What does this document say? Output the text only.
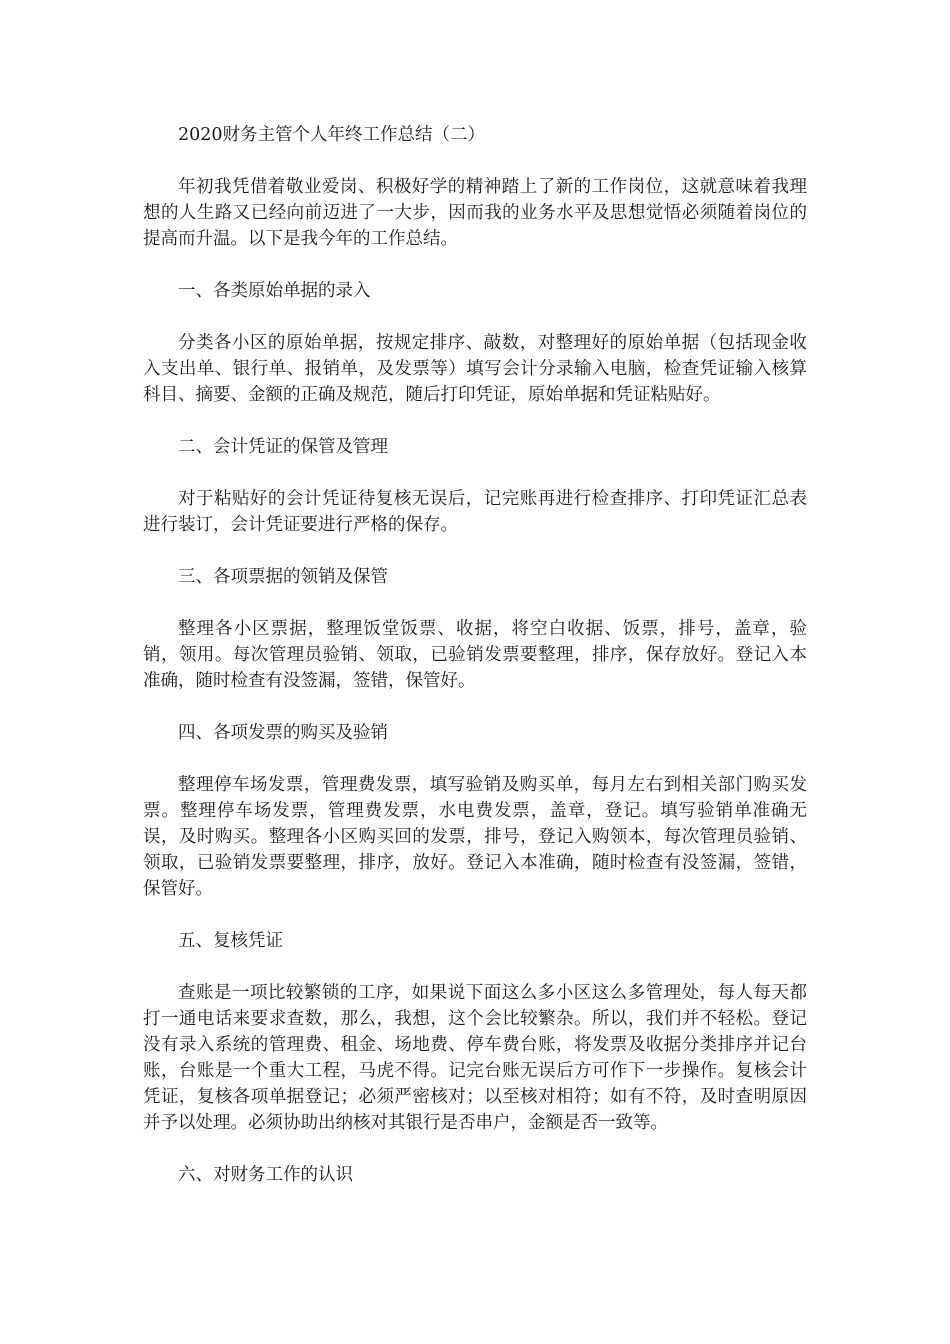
2020财务主管个人年终工作总结（二）

年初我凭借着敬业爱岗、积极好学的精神踏上了新的工作岗位，这就意味着我理想的人生路又已经向前迈进了一大步，因而我的业务水平及思想觉悟必须随着岗位的提高而升温。以下是我今年的工作总结。

一、各类原始单据的录入

分类各小区的原始单据，按规定排序、敲数，对整理好的原始单据（包括现金收入支出单、银行单、报销单，及发票等）填写会计分录输入电脑，检查凭证输入核算科目、摘要、金额的正确及规范，随后打印凭证，原始单据和凭证粘贴好。

二、会计凭证的保管及管理

对于粘贴好的会计凭证待复核无误后，记完账再进行检查排序、打印凭证汇总表进行装订，会计凭证要进行严格的保存。

三、各项票据的领销及保管

整理各小区票据，整理饭堂饭票、收据，将空白收据、饭票，排号，盖章，验销，领用。每次管理员验销、领取，已验销发票要整理，排序，保存放好。登记入本准确，随时检查有没签漏，签错，保管好。

四、各项发票的购买及验销

整理停车场发票，管理费发票，填写验销及购买单，每月左右到相关部门购买发票。整理停车场发票，管理费发票，水电费发票，盖章，登记。填写验销单准确无误，及时购买。整理各小区购买回的发票，排号，登记入购领本，每次管理员验销、领取，已验销发票要整理，排序，放好。登记入本准确，随时检查有没签漏，签错，保管好。

五、复核凭证

查账是一项比较繁锁的工序，如果说下面这么多小区这么多管理处，每人每天都打一通电话来要求查数，那么，我想，这个会比较繁杂。所以，我们并不轻松。登记没有录入系统的管理费、租金、场地费、停车费台账，将发票及收据分类排序并记台账，台账是一个重大工程，马虎不得。记完台账无误后方可作下一步操作。复核会计凭证，复核各项单据登记；必须严密核对；以至核对相符；如有不符，及时查明原因并予以处理。必须协助出纳核对其银行是否串户，金额是否一致等。

六、对财务工作的认识
